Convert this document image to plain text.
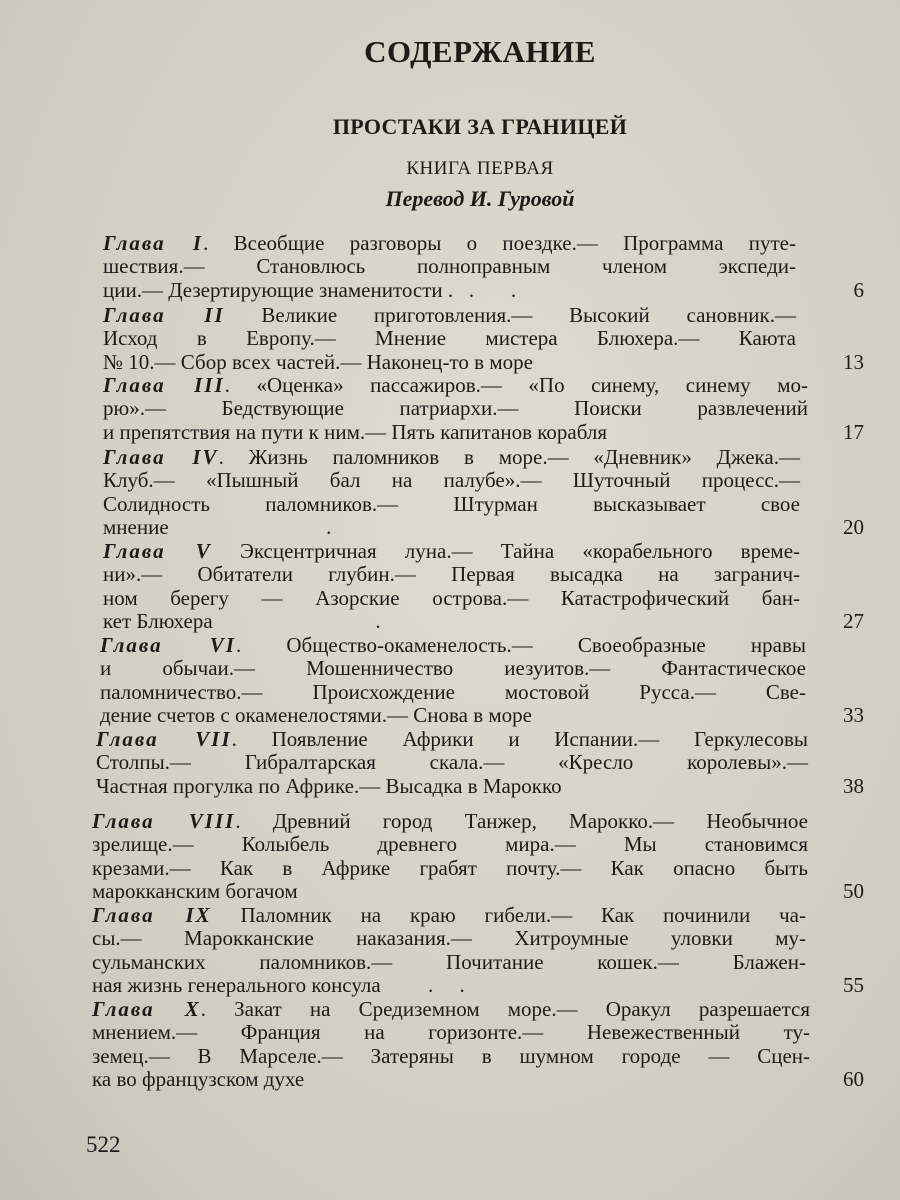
СОДЕРЖАНИЕ
ПРОСТАКИ ЗА ГРАНИЦЕЙ
КНИГА ПЕРВАЯ
Перевод И. Гуровой
Глава I. Всеобщие разговоры о поездке.— Программа путе-
шествия.— Становлюсь полноправным членом экспеди-
ции.— Дезертирующие знаменитости .   .       .	6
Глава II Великие приготовления.— Высокий сановник.—
Исход в Европу.— Мнение мистера Блюхера.— Каюта
№ 10.— Сбор всех частей.— Наконец-то в море	13
Глава III. «Оценка» пассажиров.— «По синему, синему мо-
рю».— Бедствующие патриархи.— Поиски развлечений
и препятствия на пути к ним.— Пять капитанов корабля	17
Глава IV. Жизнь паломников в море.— «Дневник» Джека.—
Клуб.— «Пышный бал на палубе».— Шуточный процесс.—
Солидность паломников.— Штурман высказывает свое
мнение                              .	20
Глава V Эксцентричная луна.— Тайна «корабельного време-
ни».— Обитатели глубин.— Первая высадка на загранич-
ном берегу — Азорские острова.— Катастрофический бан-
кет Блюхера                               .	27
Глава VI. Общество-окаменелость.— Своеобразные нравы
и обычаи.— Мошенничество иезуитов.— Фантастическое
паломничество.— Происхождение мостовой Русса.— Све-
дение счетов с окаменелостями.— Снова в море	33
Глава VII. Появление Африки и Испании.— Геркулесовы
Столпы.— Гибралтарская скала.— «Кресло королевы».—
Частная прогулка по Африке.— Высадка в Марокко	38
Глава VIII. Древний город Танжер, Марокко.— Необычное
зрелище.— Колыбель древнего мира.— Мы становимся
крезами.— Как в Африке грабят почту.— Как опасно быть
марокканским богачом	50
Глава IX Паломник на краю гибели.— Как починили ча-
сы.— Марокканские наказания.— Хитроумные уловки му-
сульманских паломников.— Почитание кошек.— Блажен-
ная жизнь генерального консула         .     .	55
Глава X. Закат на Средиземном море.— Оракул разрешается
мнением.— Франция на горизонте.— Невежественный ту-
земец.— В Марселе.— Затеряны в шумном городе — Сцен-
ка во французском духе	60
522
